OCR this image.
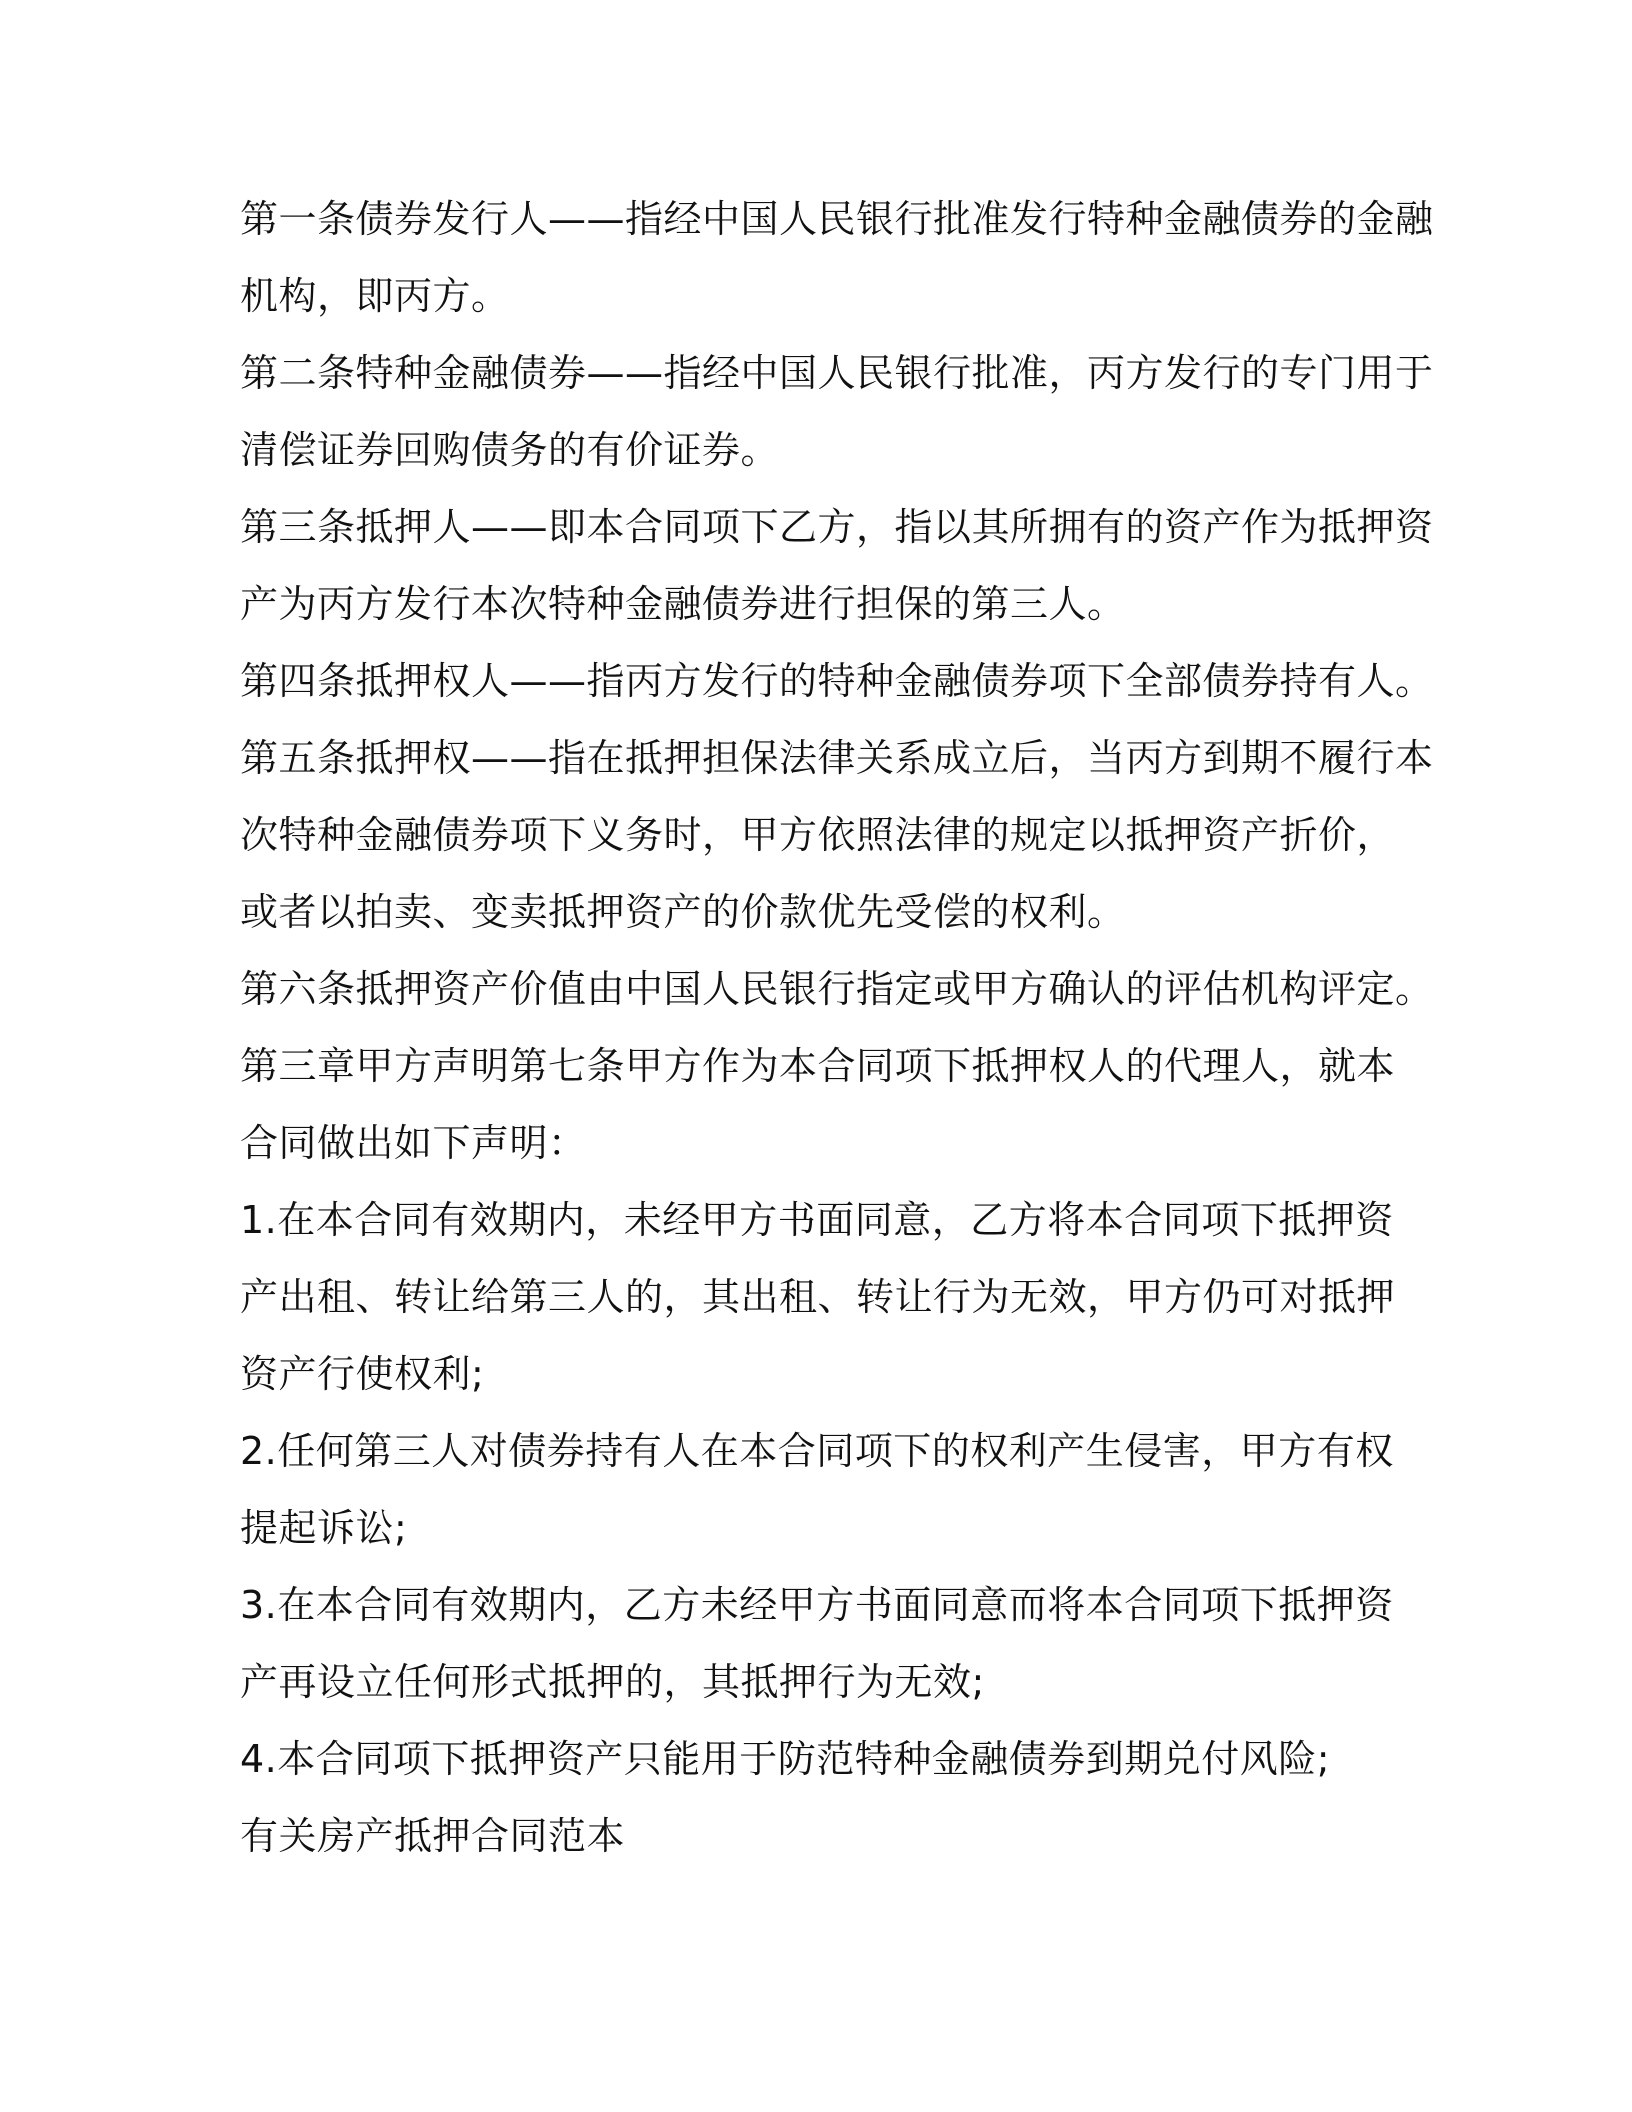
第一条债券发行人——指经中国人民银行批准发行特种金融债券的金融
机构，即丙方。
第二条特种金融债券——指经中国人民银行批准，丙方发行的专门用于
清偿证券回购债务的有价证券。
第三条抵押人——即本合同项下乙方，指以其所拥有的资产作为抵押资
产为丙方发行本次特种金融债券进行担保的第三人。
第四条抵押权人——指丙方发行的特种金融债券项下全部债券持有人。
第五条抵押权——指在抵押担保法律关系成立后，当丙方到期不履行本
次特种金融债券项下义务时，甲方依照法律的规定以抵押资产折价，
或者以拍卖、变卖抵押资产的价款优先受偿的权利。
第六条抵押资产价值由中国人民银行指定或甲方确认的评估机构评定。
第三章甲方声明第七条甲方作为本合同项下抵押权人的代理人，就本
合同做出如下声明：
1.在本合同有效期内，未经甲方书面同意，乙方将本合同项下抵押资
产出租、转让给第三人的，其出租、转让行为无效，甲方仍可对抵押
资产行使权利;
2.任何第三人对债券持有人在本合同项下的权利产生侵害，甲方有权
提起诉讼;
3.在本合同有效期内，乙方未经甲方书面同意而将本合同项下抵押资
产再设立任何形式抵押的，其抵押行为无效;
4.本合同项下抵押资产只能用于防范特种金融债券到期兑付风险;
有关房产抵押合同范本
